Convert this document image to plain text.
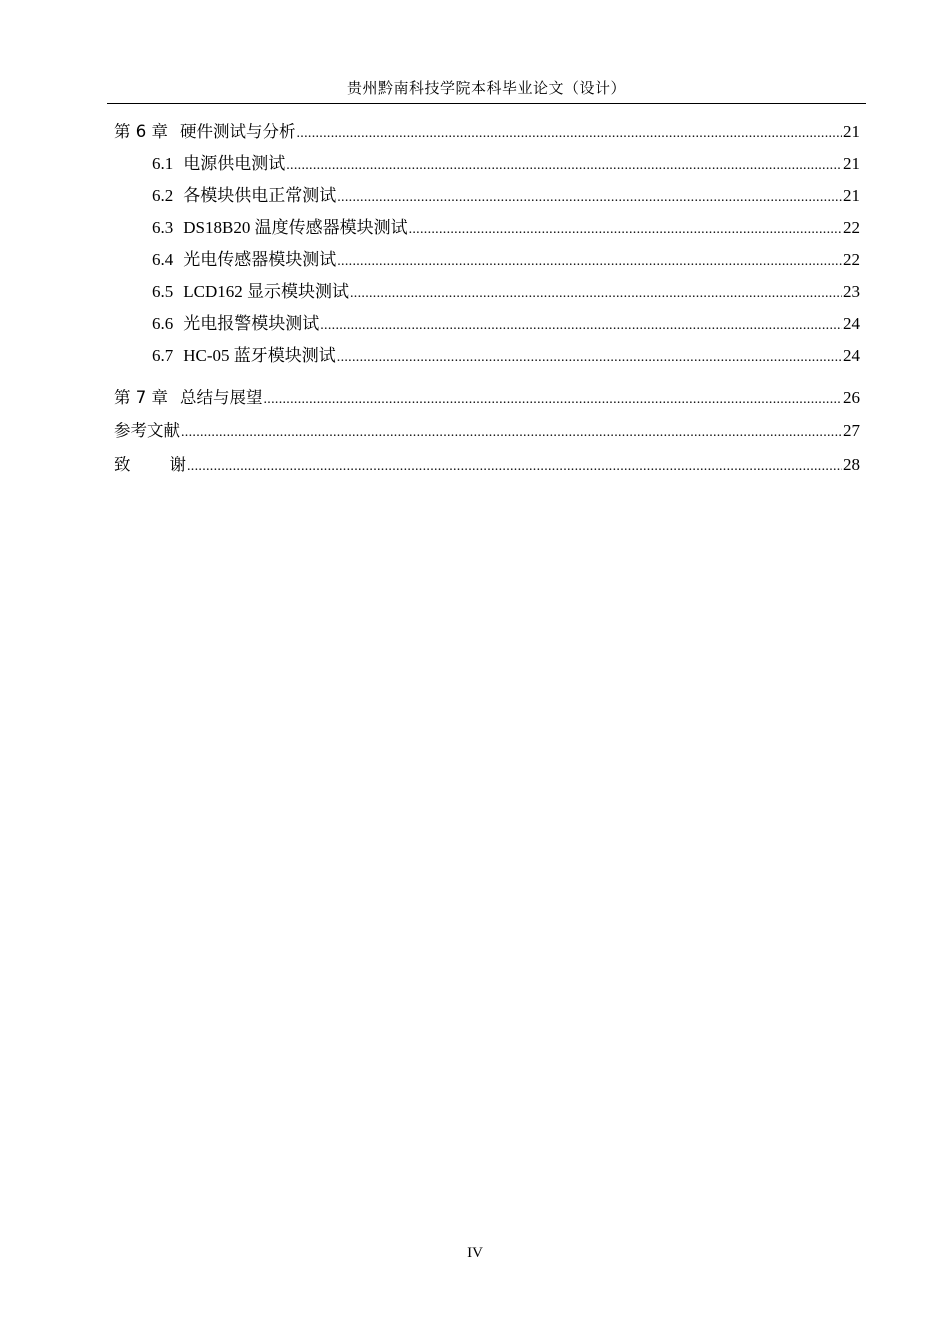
贵州黔南科技学院本科毕业论文（设计）
第 6 章 硬件测试与分析 .....	21
6.1 电源供电测试 .....	21
6.2 各模块供电正常测试 .....	21
6.3 DS18B20 温度传感器模块测试 .....	22
6.4 光电传感器模块测试 .....	22
6.5 LCD162 显示模块测试 .....	23
6.6 光电报警模块测试 .....	24
6.7 HC-05 蓝牙模块测试 .....	24
第 7 章 总结与展望 .....	26
参考文献 .....	27
致 谢 .....	28
IV
